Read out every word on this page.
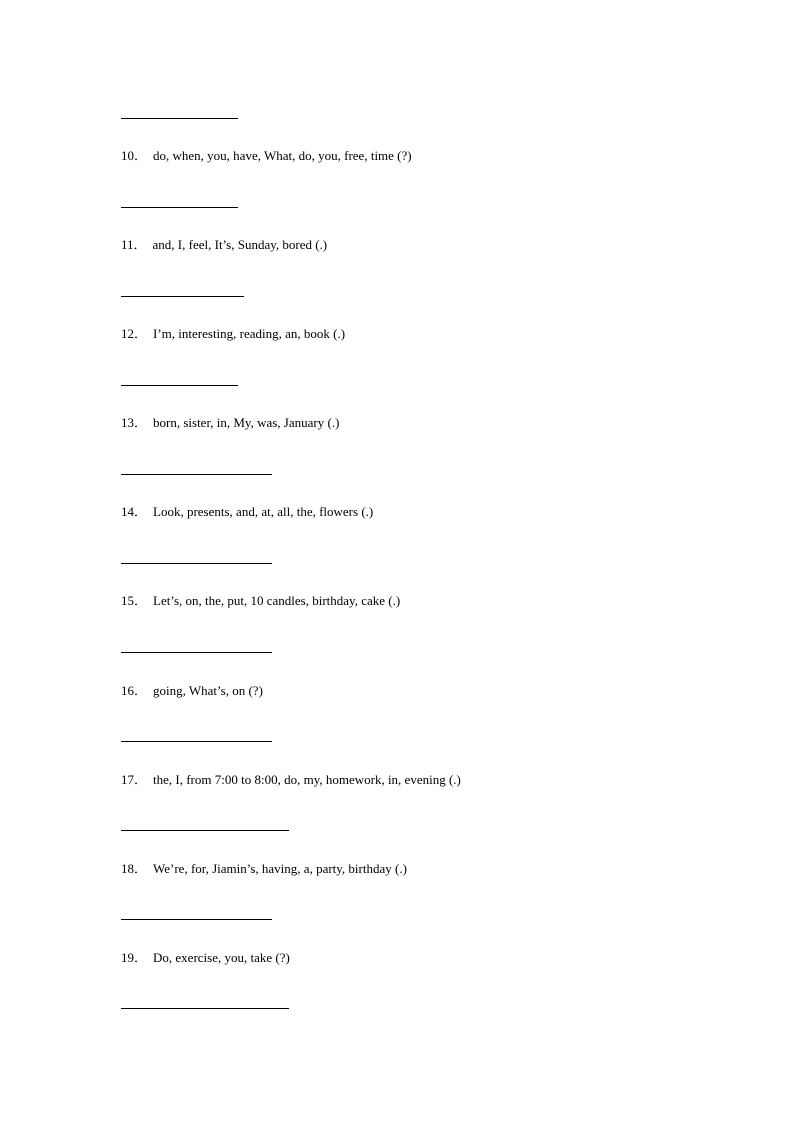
10． do, when, you, have, What, do, you, free, time (?)
11． and, I, feel, It’s, Sunday, bored (.)
12． I’m, interesting, reading, an, book (.)
13． born, sister, in, My, was, January (.)
14． Look, presents, and, at, all, the, flowers (.)
15． Let’s, on, the, put, 10 candles, birthday, cake (.)
16． going, What’s, on (?)
17． the, I, from 7:00 to 8:00, do, my, homework, in, evening (.)
18． We’re, for, Jiamin’s, having, a, party, birthday (.)
19． Do, exercise, you, take (?)
